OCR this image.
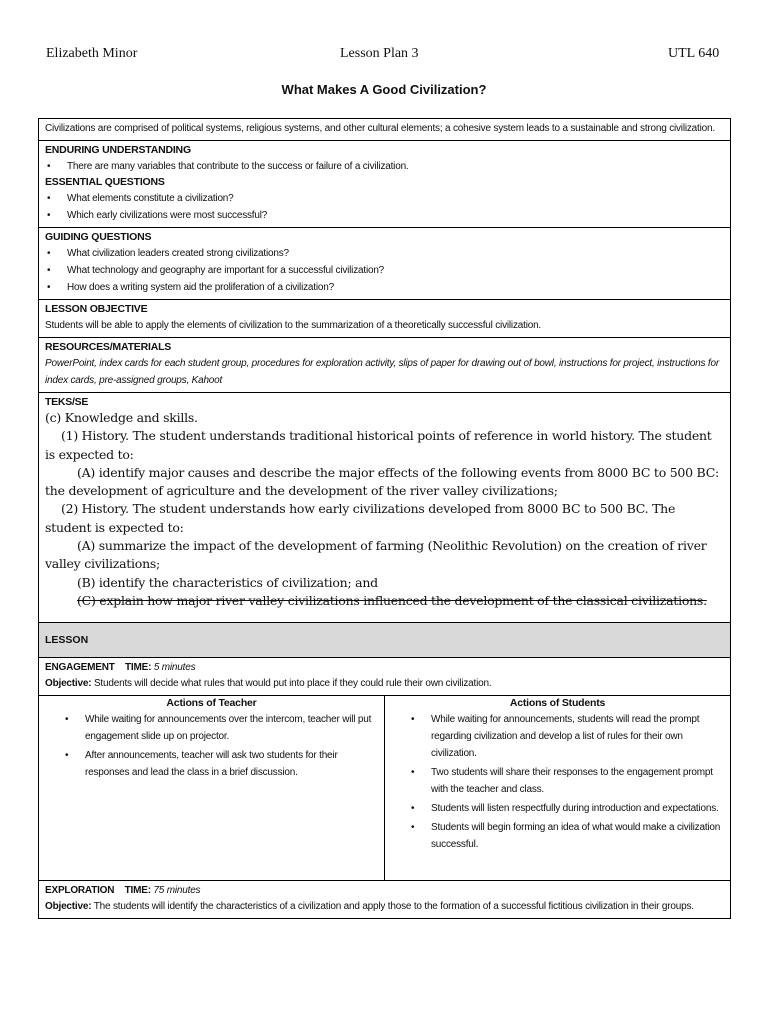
Elizabeth Minor	Lesson Plan 3	UTL 640
What Makes A Good Civilization?
Civilizations are comprised of political systems, religious systems, and other cultural elements; a cohesive system leads to a sustainable and strong civilization.
ENDURING UNDERSTANDING
• There are many variables that contribute to the success or failure of a civilization.
ESSENTIAL QUESTIONS
• What elements constitute a civilization?
• Which early civilizations were most successful?
GUIDING QUESTIONS
• What civilization leaders created strong civilizations?
• What technology and geography are important for a successful civilization?
• How does a writing system aid the proliferation of a civilization?
LESSON OBJECTIVE
Students will be able to apply the elements of civilization to the summarization of a theoretically successful civilization.
RESOURCES/MATERIALS
PowerPoint, index cards for each student group, procedures for exploration activity, slips of paper for drawing out of bowl, instructions for project, instructions for index cards, pre-assigned groups, Kahoot
TEKS/SE
(c) Knowledge and skills.
(1) History. The student understands traditional historical points of reference in world history. The student is expected to:
(A) identify major causes and describe the major effects of the following events from 8000 BC to 500 BC: the development of agriculture and the development of the river valley civilizations;
(2) History. The student understands how early civilizations developed from 8000 BC to 500 BC. The student is expected to:
(A) summarize the impact of the development of farming (Neolithic Revolution) on the creation of river valley civilizations;
(B) identify the characteristics of civilization; and
(C) explain how major river valley civilizations influenced the development of the classical civilizations.
LESSON
ENGAGEMENT TIME: 5 minutes
Objective: Students will decide what rules that would put into place if they could rule their own civilization.
Actions of Teacher
• While waiting for announcements over the intercom, teacher will put engagement slide up on projector.
• After announcements, teacher will ask two students for their responses and lead the class in a brief discussion.
Actions of Students
• While waiting for announcements, students will read the prompt regarding civilization and develop a list of rules for their own civilization.
• Two students will share their responses to the engagement prompt with the teacher and class.
• Students will listen respectfully during introduction and expectations.
• Students will begin forming an idea of what would make a civilization successful.
EXPLORATION TIME: 75 minutes
Objective: The students will identify the characteristics of a civilization and apply those to the formation of a successful fictitious civilization in their groups.
